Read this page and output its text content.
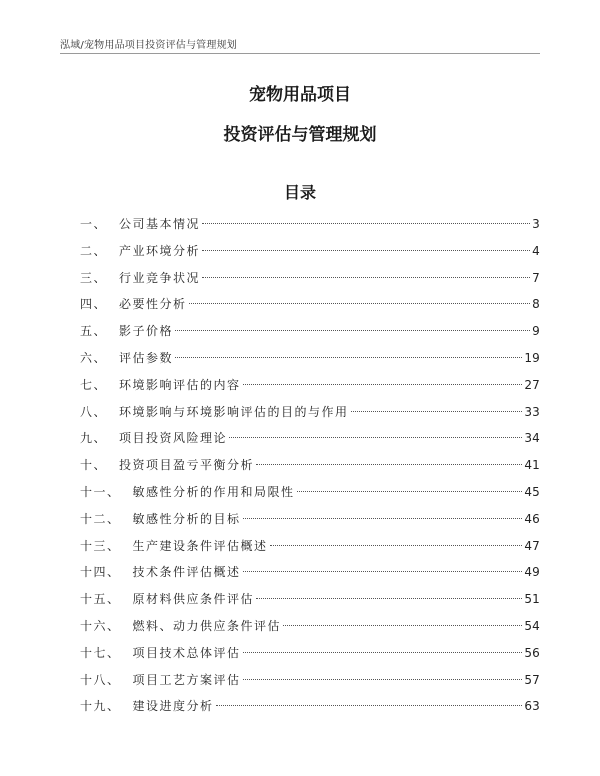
泓域/宠物用品项目投资评估与管理规划
宠物用品项目
投资评估与管理规划
目录
一、 公司基本情况	3
二、 产业环境分析	4
三、 行业竞争状况	7
四、 必要性分析	8
五、 影子价格	9
六、 评估参数	19
七、 环境影响评估的内容	27
八、 环境影响与环境影响评估的目的与作用	33
九、 项目投资风险理论	34
十、 投资项目盈亏平衡分析	41
十一、 敏感性分析的作用和局限性	45
十二、 敏感性分析的目标	46
十三、 生产建设条件评估概述	47
十四、 技术条件评估概述	49
十五、 原材料供应条件评估	51
十六、 燃料、动力供应条件评估	54
十七、 项目技术总体评估	56
十八、 项目工艺方案评估	57
十九、 建设进度分析	63
